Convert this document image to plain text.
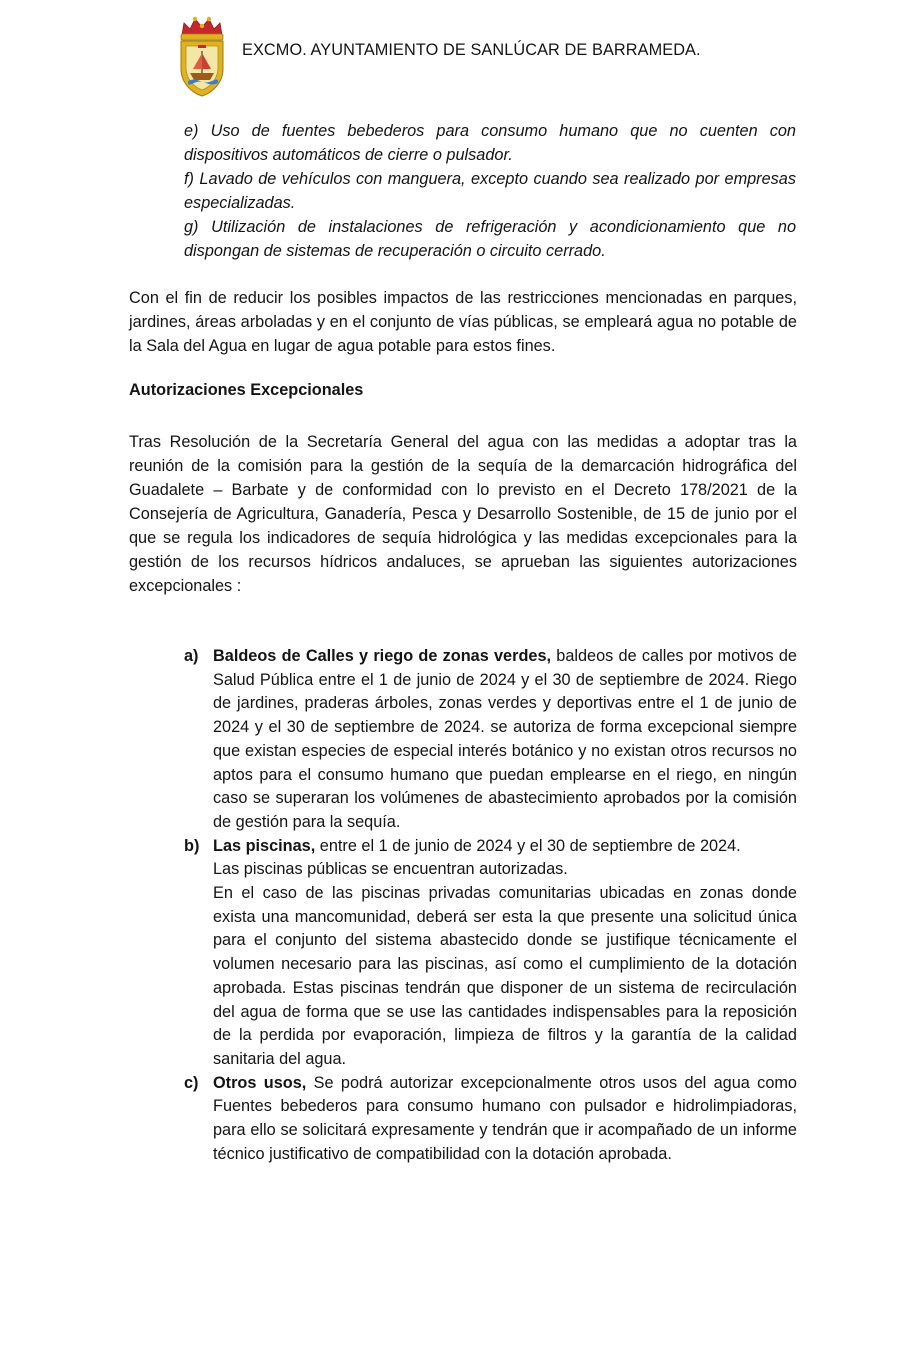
EXCMO. AYUNTAMIENTO DE SANLÚCAR DE BARRAMEDA.

e) Uso de fuentes bebederos para consumo humano que no cuenten con dispositivos automáticos de cierre o pulsador.

f) Lavado de vehículos con manguera, excepto cuando sea realizado por empresas especializadas.

g) Utilización de instalaciones de refrigeración y acondicionamiento que no dispongan de sistemas de recuperación o circuito cerrado.

Con el fin de reducir los posibles impactos de las restricciones mencionadas en parques, jardines, áreas arboladas y en el conjunto de vías públicas, se empleará agua no potable de la Sala del Agua en lugar de agua potable para estos fines.

Autorizaciones Excepcionales

Tras Resolución de la Secretaría General del agua con las medidas a adoptar tras la reunión de la comisión para la gestión de la sequía de la demarcación hidrográfica del Guadalete – Barbate y de conformidad con lo previsto en el Decreto 178/2021 de la Consejería de Agricultura, Ganadería, Pesca y Desarrollo Sostenible, de 15 de junio por el que se regula los indicadores de sequía hidrológica y las medidas excepcionales para la gestión de los recursos hídricos andaluces, se aprueban las siguientes autorizaciones excepcionales :

a) Baldeos de Calles y riego de zonas verdes, baldeos de calles por motivos de Salud Pública entre el 1 de junio de 2024 y el 30 de septiembre de 2024. Riego de jardines, praderas árboles, zonas verdes y deportivas entre el 1 de junio de 2024 y el 30 de septiembre de 2024. se autoriza de forma excepcional siempre que existan especies de especial interés botánico y no existan otros recursos no aptos para el consumo humano que puedan emplearse en el riego, en ningún caso se superaran los volúmenes de abastecimiento aprobados por la comisión de gestión para la sequía.

b) Las piscinas, entre el 1 de junio de 2024 y el 30 de septiembre de 2024.

Las piscinas públicas se encuentran autorizadas.

En el caso de las piscinas privadas comunitarias ubicadas en zonas donde exista una mancomunidad, deberá ser esta la que presente una solicitud única para el conjunto del sistema abastecido donde se justifique técnicamente el volumen necesario para las piscinas, así como el cumplimiento de la dotación aprobada. Estas piscinas tendrán que disponer de un sistema de recirculación del agua de forma que se use las cantidades indispensables para la reposición de la perdida por evaporación, limpieza de filtros y la garantía de la calidad sanitaria del agua.

c) Otros usos, Se podrá autorizar excepcionalmente otros usos del agua como Fuentes bebederos para consumo humano con pulsador e hidrolimpiadoras, para ello se solicitará expresamente y tendrán que ir acompañado de un informe técnico justificativo de compatibilidad con la dotación aprobada.
